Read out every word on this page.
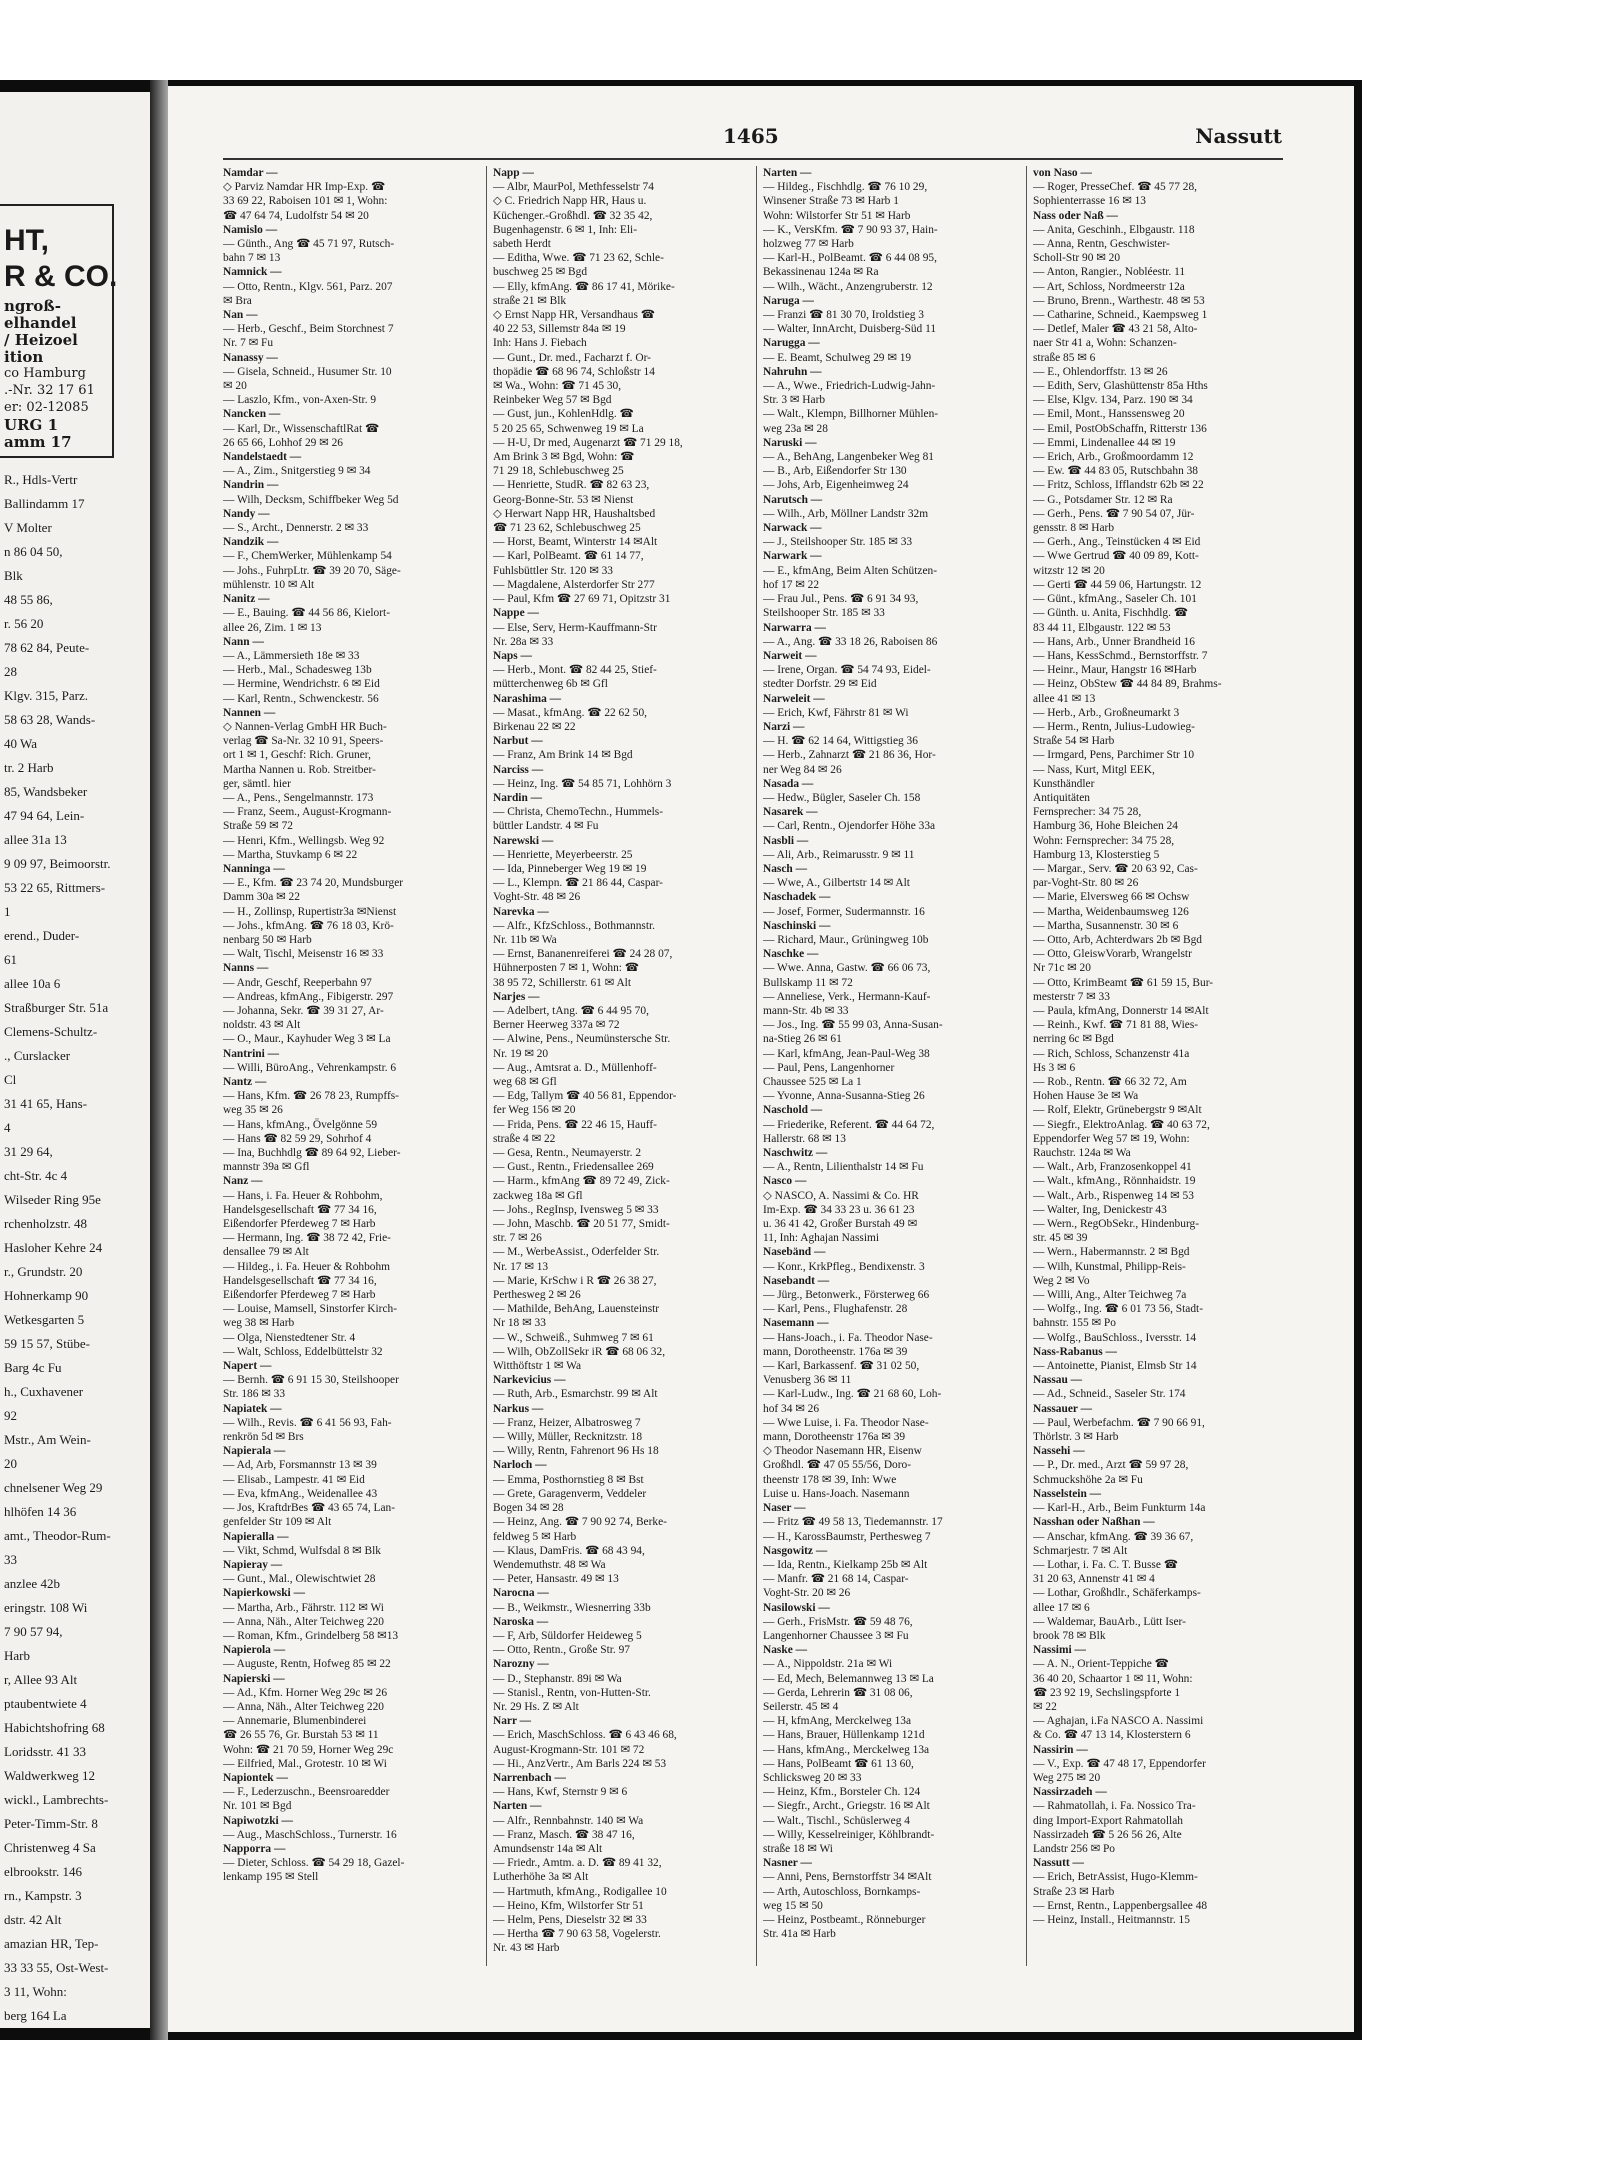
HT,
R & CO.
ngroß-
elhandel
/ Heizoel
ition
co Hamburg
.-Nr. 32 17 61
er: 02-12085
URG 1
amm 17
R., Hdls-Vertr
Ballindamm 17
V Molter
n 86 04 50,
Blk
48 55 86,
r. 56 20
78 62 84, Peute-
28
Klgv. 315, Parz.
58 63 28, Wands-
40 Wa
tr. 2 Harb
85, Wandsbeker
47 94 64, Lein-
allee 31a 13
9 09 97, Beimoorstr.
53 22 65, Rittmers-
1
erend., Duder-
61
allee 10a 6
Straßburger Str. 51a
Clemens-Schultz-
., Curslacker
Cl
31 41 65, Hans-
4
31 29 64,
cht-Str. 4c 4
Wilseder Ring 95e
rchenholzstr. 48
Hasloher Kehre 24
r., Grundstr. 20
Hohnerkamp 90
Wetkesgarten 5
59 15 57, Stübe-
Barg 4c Fu
h., Cuxhavener
92
Mstr., Am Wein-
20
chnelsener Weg 29
hlhöfen 14 36
amt., Theodor-Rum-
33
anzlee 42b
eringstr. 108 Wi
7 90 57 94,
Harb
r, Allee 93 Alt
ptaubentwiete 4
Habichtshofring 68
Loridsstr. 41 33
Waldwerkweg 12
wickl., Lambrechts-
Peter-Timm-Str. 8
Christenweg 4 Sa
elbrookstr. 146
rn., Kampstr. 3
dstr. 42 Alt
amazian HR, Tep-
33 33 55, Ost-West-
3 11, Wohn:
berg 164 La
1465	Nassutt
Namdar —
◇ Parviz Namdar HR Imp-Exp. ☎
33 69 22, Raboisen 101 ✉ 1, Wohn:
☎ 47 64 74, Ludolfstr 54 ✉ 20
Namislo —
— Günth., Ang ☎ 45 71 97, Rutsch-
bahn 7 ✉ 13
Namnick —
— Otto, Rentn., Klgv. 561, Parz. 207
✉ Bra
Nan —
— Herb., Geschf., Beim Storchnest 7
Nr. 7 ✉ Fu
Nanassy —
— Gisela, Schneid., Husumer Str. 10
✉ 20
— Laszlo, Kfm., von-Axen-Str. 9
Nancken —
— Karl, Dr., WissenschaftlRat ☎
26 65 66, Lohhof 29 ✉ 26
Nandelstaedt —
— A., Zim., Snitgerstieg 9 ✉ 34
Nandrin —
— Wilh, Decksm, Schiffbeker Weg 5d
Nandy —
— S., Archt., Dennerstr. 2 ✉ 33
Nandzik —
— F., ChemWerker, Mühlenkamp 54
— Johs., FuhrpLtr. ☎ 39 20 70, Säge-
mühlenstr. 10 ✉ Alt
Nanitz —
— E., Bauing. ☎ 44 56 86, Kielort-
allee 26, Zim. 1 ✉ 13
Nann —
— A., Lämmersieth 18e ✉ 33
— Herb., Mal., Schadesweg 13b
— Hermine, Wendrichstr. 6 ✉ Eid
— Karl, Rentn., Schwenckestr. 56
Nannen —
◇ Nannen-Verlag GmbH HR Buch-
verlag ☎ Sa-Nr. 32 10 91, Speers-
ort 1 ✉ 1, Geschf: Rich. Gruner,
Martha Nannen u. Rob. Streitber-
ger, sämtl. hier
— A., Pens., Sengelmannstr. 173
— Franz, Seem., August-Krogmann-
Straße 59 ✉ 72
— Henri, Kfm., Wellingsb. Weg 92
— Martha, Stuvkamp 6 ✉ 22
Nanninga —
— E., Kfm. ☎ 23 74 20, Mundsburger
Damm 30a ✉ 22
— H., Zollinsp, Rupertistr3a ✉Nienst
— Johs., kfmAng. ☎ 76 18 03, Krö-
nenbarg 50 ✉ Harb
— Walt, Tischl, Meisenstr 16 ✉ 33
Nanns —
— Andr, Geschf, Reeperbahn 97
— Andreas, kfmAng., Fibigerstr. 297
— Johanna, Sekr. ☎ 39 31 27, Ar-
noldstr. 43 ✉ Alt
— O., Maur., Kayhuder Weg 3 ✉ La
Nantrini —
— Willi, BüroAng., Vehrenkampstr. 6
Nantz —
— Hans, Kfm. ☎ 26 78 23, Rumpffs-
weg 35 ✉ 26
— Hans, kfmAng., Övelgönne 59
— Hans ☎ 82 59 29, Sohrhof 4
— Ina, Buchhdlg ☎ 89 64 92, Lieber-
mannstr 39a ✉ Gfl
Nanz —
— Hans, i. Fa. Heuer & Rohbohm,
Handelsgesellschaft ☎ 77 34 16,
Eißendorfer Pferdeweg 7 ✉ Harb
— Hermann, Ing. ☎ 38 72 42, Frie-
densallee 79 ✉ Alt
— Hildeg., i. Fa. Heuer & Rohbohm
Handelsgesellschaft ☎ 77 34 16,
Eißendorfer Pferdeweg 7 ✉ Harb
— Louise, Mamsell, Sinstorfer Kirch-
weg 38 ✉ Harb
— Olga, Nienstedtener Str. 4
— Walt, Schloss, Eddelbüttelstr 32
Napert —
— Bernh. ☎ 6 91 15 30, Steilshooper
Str. 186 ✉ 33
Napiatek —
— Wilh., Revis. ☎ 6 41 56 93, Fah-
renkrön 5d ✉ Brs
Napierala —
— Ad, Arb, Forsmannstr 13 ✉ 39
— Elisab., Lampestr. 41 ✉ Eid
— Eva, kfmAng., Weidenallee 43
— Jos, KraftdrBes ☎ 43 65 74, Lan-
genfelder Str 109 ✉ Alt
Napieralla —
— Vikt, Schmd, Wulfsdal 8 ✉ Blk
Napieray —
— Gunt., Mal., Olewischtwiet 28
Napierkowski —
— Martha, Arb., Fährstr. 112 ✉ Wi
— Anna, Näh., Alter Teichweg 220
— Roman, Kfm., Grindelberg 58 ✉13
Napierola —
— Auguste, Rentn, Hofweg 85 ✉ 22
Napierski —
— Ad., Kfm. Horner Weg 29c ✉ 26
— Anna, Näh., Alter Teichweg 220
— Annemarie, Blumenbinderei
☎ 26 55 76, Gr. Burstah 53 ✉ 11
Wohn: ☎ 21 70 59, Horner Weg 29c
— Eilfried, Mal., Grotestr. 10 ✉ Wi
Napiontek —
— F., Lederzuschn., Beensroaredder
Nr. 101 ✉ Bgd
Napiwotzki —
— Aug., MaschSchloss., Turnerstr. 16
Napporra —
— Dieter, Schloss. ☎ 54 29 18, Gazel-
lenkamp 195 ✉ Stell
Napp —
— Albr, MaurPol, Methfesselstr 74
◇ C. Friedrich Napp HR, Haus u.
Küchenger.-Großhdl. ☎ 32 35 42,
Bugenhagenstr. 6 ✉ 1, Inh: Eli-
sabeth Herdt
— Editha, Wwe. ☎ 71 23 62, Schle-
buschweg 25 ✉ Bgd
— Elly, kfmAng. ☎ 86 17 41, Mörike-
straße 21 ✉ Blk
◇ Ernst Napp HR, Versandhaus ☎
40 22 53, Sillemstr 84a ✉ 19
Inh: Hans J. Fiebach
— Gunt., Dr. med., Facharzt f. Or-
thopädie ☎ 68 96 74, Schloßstr 14
✉ Wa., Wohn: ☎ 71 45 30,
Reinbeker Weg 57 ✉ Bgd
— Gust, jun., KohlenHdlg. ☎
5 20 25 65, Schwenweg 19 ✉ La
— H-U, Dr med, Augenarzt ☎ 71 29 18,
Am Brink 3 ✉ Bgd, Wohn: ☎
71 29 18, Schlebuschweg 25
— Henriette, StudR. ☎ 82 63 23,
Georg-Bonne-Str. 53 ✉ Nienst
◇ Herwart Napp HR, Haushaltsbed
☎ 71 23 62, Schlebuschweg 25
— Horst, Beamt, Winterstr 14 ✉Alt
— Karl, PolBeamt. ☎ 61 14 77,
Fuhlsbüttler Str. 120 ✉ 33
— Magdalene, Alsterdorfer Str 277
— Paul, Kfm ☎ 27 69 71, Opitzstr 31
Nappe —
— Else, Serv, Herm-Kauffmann-Str
Nr. 28a ✉ 33
Naps —
— Herb., Mont. ☎ 82 44 25, Stief-
mütterchenweg 6b ✉ Gfl
Narashima —
— Masat., kfmAng. ☎ 22 62 50,
Birkenau 22 ✉ 22
Narbut —
— Franz, Am Brink 14 ✉ Bgd
Narciss —
— Heinz, Ing. ☎ 54 85 71, Lohhörn 3
Nardin —
— Christa, ChemoTechn., Hummels-
büttler Landstr. 4 ✉ Fu
Narewski —
— Henriette, Meyerbeerstr. 25
— Ida, Pinneberger Weg 19 ✉ 19
— L., Klempn. ☎ 21 86 44, Caspar-
Voght-Str. 48 ✉ 26
Narevka —
— Alfr., KfzSchloss., Bothmannstr.
Nr. 11b ✉ Wa
— Ernst, Bananenreiferei ☎ 24 28 07,
Hühnerposten 7 ✉ 1, Wohn: ☎
38 95 72, Schillerstr. 61 ✉ Alt
Narjes —
— Adelbert, tAng. ☎ 6 44 95 70,
Berner Heerweg 337a ✉ 72
— Alwine, Pens., Neumünstersche Str.
Nr. 19 ✉ 20
— Aug., Amtsrat a. D., Müllenhoff-
weg 68 ✉ Gfl
— Edg, Tallym ☎ 40 56 81, Eppendor-
fer Weg 156 ✉ 20
— Frida, Pens. ☎ 22 46 15, Hauff-
straße 4 ✉ 22
— Gesa, Rentn., Neumayerstr. 2
— Gust., Rentn., Friedensallee 269
— Harm., kfmAng ☎ 89 72 49, Zick-
zackweg 18a ✉ Gfl
— Johs., RegInsp, Ivensweg 5 ✉ 33
— John, Maschb. ☎ 20 51 77, Smidt-
str. 7 ✉ 26
— M., WerbeAssist., Oderfelder Str.
Nr. 17 ✉ 13
— Marie, KrSchw i R ☎ 26 38 27,
Perthesweg 2 ✉ 26
— Mathilde, BehAng, Lauensteinstr
Nr 18 ✉ 33
— W., Schweiß., Suhmweg 7 ✉ 61
— Wilh, ObZollSekr iR ☎ 68 06 32,
Witthöftstr 1 ✉ Wa
Narkevicius —
— Ruth, Arb., Esmarchstr. 99 ✉ Alt
Narkus —
— Franz, Heizer, Albatrosweg 7
— Willy, Müller, Recknitzstr. 18
— Willy, Rentn, Fahrenort 96 Hs 18
Narloch —
— Emma, Posthornstieg 8 ✉ Bst
— Grete, Garagenverm, Veddeler
Bogen 34 ✉ 28
— Heinz, Ang. ☎ 7 90 92 74, Berke-
feldweg 5 ✉ Harb
— Klaus, DamFris. ☎ 68 43 94,
Wendemuthstr. 48 ✉ Wa
— Peter, Hansastr. 49 ✉ 13
Narocna —
— B., Weikmstr., Wiesnerring 33b
Naroska —
— F, Arb, Süldorfer Heideweg 5
— Otto, Rentn., Große Str. 97
Narozny —
— D., Stephanstr. 89i ✉ Wa
— Stanisl., Rentn, von-Hutten-Str.
Nr. 29 Hs. Z ✉ Alt
Narr —
— Erich, MaschSchloss. ☎ 6 43 46 68,
August-Krogmann-Str. 101 ✉ 72
— Hi., AnzVertr., Am Barls 224 ✉ 53
Narrenbach —
— Hans, Kwf, Sternstr 9 ✉ 6
Narten —
— Alfr., Rennbahnstr. 140 ✉ Wa
— Franz, Masch. ☎ 38 47 16,
Amundsenstr 14a ✉ Alt
— Friedr., Amtm. a. D. ☎ 89 41 32,
Lutherhöhe 3a ✉ Alt
— Hartmuth, kfmAng., Rodigallee 10
— Heino, Kfm, Wilstorfer Str 51
— Helm, Pens, Dieselstr 32 ✉ 33
— Hertha ☎ 7 90 63 58, Vogelerstr.
Nr. 43 ✉ Harb
Narten —
— Hildeg., Fischhdlg. ☎ 76 10 29,
Winsener Straße 73 ✉ Harb 1
Wohn: Wilstorfer Str 51 ✉ Harb
— K., VersKfm. ☎ 7 90 93 37, Hain-
holzweg 77 ✉ Harb
— Karl-H., PolBeamt. ☎ 6 44 08 95,
Bekassinenau 124a ✉ Ra
— Wilh., Wächt., Anzengruberstr. 12
Naruga —
— Franzi ☎ 81 30 70, Iroldstieg 3
— Walter, InnArcht, Duisberg-Süd 11
Narugga —
— E. Beamt, Schulweg 29 ✉ 19
Nahruhn —
— A., Wwe., Friedrich-Ludwig-Jahn-
Str. 3 ✉ Harb
— Walt., Klempn, Billhorner Mühlen-
weg 23a ✉ 28
Naruski —
— A., BehAng, Langenbeker Weg 81
— B., Arb, Eißendorfer Str 130
— Johs, Arb, Eigenheimweg 24
Narutsch —
— Wilh., Arb, Möllner Landstr 32m
Narwack —
— J., Steilshooper Str. 185 ✉ 33
Narwark —
— E., kfmAng, Beim Alten Schützen-
hof 17 ✉ 22
— Frau Jul., Pens. ☎ 6 91 34 93,
Steilshooper Str. 185 ✉ 33
Narwarra —
— A., Ang. ☎ 33 18 26, Raboisen 86
Narweit —
— Irene, Organ. ☎ 54 74 93, Eidel-
stedter Dorfstr. 29 ✉ Eid
Narweleit —
— Erich, Kwf, Fährstr 81 ✉ Wi
Narzi —
— H. ☎ 62 14 64, Wittigstieg 36
— Herb., Zahnarzt ☎ 21 86 36, Hor-
ner Weg 84 ✉ 26
Nasada —
— Hedw., Bügler, Saseler Ch. 158
Nasarek —
— Carl, Rentn., Ojendorfer Höhe 33a
Nasbli —
— Ali, Arb., Reimarusstr. 9 ✉ 11
Nasch —
— Wwe, A., Gilbertstr 14 ✉ Alt
Naschadek —
— Josef, Former, Sudermannstr. 16
Naschinski —
— Richard, Maur., Grüningweg 10b
Naschke —
— Wwe. Anna, Gastw. ☎ 66 06 73,
Bullskamp 11 ✉ 72
— Anneliese, Verk., Hermann-Kauf-
mann-Str. 4b ✉ 33
— Jos., Ing. ☎ 55 99 03, Anna-Susan-
na-Stieg 26 ✉ 61
— Karl, kfmAng, Jean-Paul-Weg 38
— Paul, Pens, Langenhorner
Chaussee 525 ✉ La 1
— Yvonne, Anna-Susanna-Stieg 26
Naschold —
— Friederike, Referent. ☎ 44 64 72,
Hallerstr. 68 ✉ 13
Naschwitz —
— A., Rentn, Lilienthalstr 14 ✉ Fu
Nasco —
◇ NASCO, A. Nassimi & Co. HR
Im-Exp. ☎ 34 33 23 u. 36 61 23
u. 36 41 42, Großer Burstah 49 ✉
11, Inh: Aghajan Nassimi
Nasebänd —
— Konr., KrkPfleg., Bendixenstr. 3
Nasebandt —
— Jürg., Betonwerk., Försterweg 66
— Karl, Pens., Flughafenstr. 28
Nasemann —
— Hans-Joach., i. Fa. Theodor Nase-
mann, Dorotheenstr. 176a ✉ 39
— Karl, Barkassenf. ☎ 31 02 50,
Venusberg 36 ✉ 11
— Karl-Ludw., Ing. ☎ 21 68 60, Loh-
hof 34 ✉ 26
— Wwe Luise, i. Fa. Theodor Nase-
mann, Dorotheenstr 176a ✉ 39
◇ Theodor Nasemann HR, Eisenw
Großhdl. ☎ 47 05 55/56, Doro-
theenstr 178 ✉ 39, Inh: Wwe
Luise u. Hans-Joach. Nasemann
Naser —
— Fritz ☎ 49 58 13, Tiedemannstr. 17
— H., KarossBaumstr, Perthesweg 7
Nasgowitz —
— Ida, Rentn., Kielkamp 25b ✉ Alt
— Manfr. ☎ 21 68 14, Caspar-
Voght-Str. 20 ✉ 26
Nasilowski —
— Gerh., FrisMstr. ☎ 59 48 76,
Langenhorner Chaussee 3 ✉ Fu
Naske —
— A., Nippoldstr. 21a ✉ Wi
— Ed, Mech, Belemannweg 13 ✉ La
— Gerda, Lehrerin ☎ 31 08 06,
Seilerstr. 45 ✉ 4
— H, kfmAng, Merckelweg 13a
— Hans, Brauer, Hüllenkamp 121d
— Hans, kfmAng., Merckelweg 13a
— Hans, PolBeamt ☎ 61 13 60,
Schlicksweg 20 ✉ 33
— Heinz, Kfm., Borsteler Ch. 124
— Siegfr., Archt., Griegstr. 16 ✉ Alt
— Walt., Tischl., Schüslerweg 4
— Willy, Kesselreiniger, Köhlbrandt-
straße 18 ✉ Wi
Nasner —
— Anni, Pens, Bernstorffstr 34 ✉Alt
— Arth, Autoschloss, Bornkamps-
weg 15 ✉ 50
— Heinz, Postbeamt., Rönneburger
Str. 41a ✉ Harb
von Naso —
— Roger, PresseChef. ☎ 45 77 28,
Sophienterrasse 16 ✉ 13
Nass oder Naß —
— Anita, Geschinh., Elbgaustr. 118
— Anna, Rentn, Geschwister-
Scholl-Str 90 ✉ 20
— Anton, Rangier., Nobléestr. 11
— Art, Schloss, Nordmeerstr 12a
— Bruno, Brenn., Warthestr. 48 ✉ 53
— Catharine, Schneid., Kaempsweg 1
— Detlef, Maler ☎ 43 21 58, Alto-
naer Str 41 a, Wohn: Schanzen-
straße 85 ✉ 6
— E., Ohlendorffstr. 13 ✉ 26
— Edith, Serv, Glashüttenstr 85a Hths
— Else, Klgv. 134, Parz. 190 ✉ 34
— Emil, Mont., Hanssensweg 20
— Emil, PostObSchaffn, Ritterstr 136
— Emmi, Lindenallee 44 ✉ 19
— Erich, Arb., Großmoordamm 12
— Ew. ☎ 44 83 05, Rutschbahn 38
— Fritz, Schloss, Ifflandstr 62b ✉ 22
— G., Potsdamer Str. 12 ✉ Ra
— Gerh., Pens. ☎ 7 90 54 07, Jür-
gensstr. 8 ✉ Harb
— Gerh., Ang., Teinstücken 4 ✉ Eid
— Wwe Gertrud ☎ 40 09 89, Kott-
witzstr 12 ✉ 20
— Gerti ☎ 44 59 06, Hartungstr. 12
— Günt., kfmAng., Saseler Ch. 101
— Günth. u. Anita, Fischhdlg. ☎
83 44 11, Elbgaustr. 122 ✉ 53
— Hans, Arb., Unner Brandheid 16
— Hans, KessSchmd., Bernstorffstr. 7
— Heinr., Maur, Hangstr 16 ✉Harb
— Heinz, ObStew ☎ 44 84 89, Brahms-
allee 41 ✉ 13
— Herb., Arb., Großneumarkt 3
— Herm., Rentn, Julius-Ludowieg-
Straße 54 ✉ Harb
— Irmgard, Pens, Parchimer Str 10
— Nass, Kurt, Mitgl EEK,
Kunsthändler
Antiquitäten
Fernsprecher: 34 75 28,
Hamburg 36, Hohe Bleichen 24
Wohn: Fernsprecher: 34 75 28,
Hamburg 13, Klosterstieg 5
— Margar., Serv. ☎ 20 63 92, Cas-
par-Voght-Str. 80 ✉ 26
— Marie, Elversweg 66 ✉ Ochsw
— Martha, Weidenbaumsweg 126
— Martha, Susannenstr. 30 ✉ 6
— Otto, Arb, Achterdwars 2b ✉ Bgd
— Otto, GleiswVorarb, Wrangelstr
Nr 71c ✉ 20
— Otto, KrimBeamt ☎ 61 59 15, Bur-
mesterstr 7 ✉ 33
— Paula, kfmAng, Donnerstr 14 ✉Alt
— Reinh., Kwf. ☎ 71 81 88, Wies-
nerring 6c ✉ Bgd
— Rich, Schloss, Schanzenstr 41a
Hs 3 ✉ 6
— Rob., Rentn. ☎ 66 32 72, Am
Hohen Hause 3e ✉ Wa
— Rolf, Elektr, Grünebergstr 9 ✉Alt
— Siegfr., ElektroAnlag. ☎ 40 63 72,
Eppendorfer Weg 57 ✉ 19, Wohn:
Rauchstr. 124a ✉ Wa
— Walt., Arb, Franzosenkoppel 41
— Walt., kfmAng., Rönnhaidstr. 19
— Walt., Arb., Rispenweg 14 ✉ 53
— Walter, Ing, Denickestr 43
— Wern., RegObSekr., Hindenburg-
str. 45 ✉ 39
— Wern., Habermannstr. 2 ✉ Bgd
— Wilh, Kunstmal, Philipp-Reis-
Weg 2 ✉ Vo
— Willi, Ang., Alter Teichweg 7a
— Wolfg., Ing. ☎ 6 01 73 56, Stadt-
bahnstr. 155 ✉ Po
— Wolfg., BauSchloss., Iversstr. 14
Nass-Rabanus —
— Antoinette, Pianist, Elmsb Str 14
Nassau —
— Ad., Schneid., Saseler Str. 174
Nassauer —
— Paul, Werbefachm. ☎ 7 90 66 91,
Thörlstr. 3 ✉ Harb
Nassehi —
— P., Dr. med., Arzt ☎ 59 97 28,
Schmuckshöhe 2a ✉ Fu
Nasselstein —
— Karl-H., Arb., Beim Funkturm 14a
Nasshan oder Naßhan —
— Anschar, kfmAng. ☎ 39 36 67,
Schmarjestr. 7 ✉ Alt
— Lothar, i. Fa. C. T. Busse ☎
31 20 63, Annenstr 41 ✉ 4
— Lothar, Großhdlr., Schäferkamps-
allee 17 ✉ 6
— Waldemar, BauArb., Lütt Iser-
brook 78 ✉ Blk
Nassimi —
— A. N., Orient-Teppiche ☎
36 40 20, Schaartor 1 ✉ 11, Wohn:
☎ 23 92 19, Sechslingspforte 1
✉ 22
— Aghajan, i.Fa NASCO A. Nassimi
& Co. ☎ 47 13 14, Klosterstern 6
Nassirin —
— V., Exp. ☎ 47 48 17, Eppendorfer
Weg 275 ✉ 20
Nassirzadeh —
— Rahmatollah, i. Fa. Nossico Tra-
ding Import-Export Rahmatollah
Nassirzadeh ☎ 5 26 56 26, Alte
Landstr 256 ✉ Po
Nassutt —
— Erich, BetrAssist, Hugo-Klemm-
Straße 23 ✉ Harb
— Ernst, Rentn., Lappenbergsallee 48
— Heinz, Install., Heitmannstr. 15
